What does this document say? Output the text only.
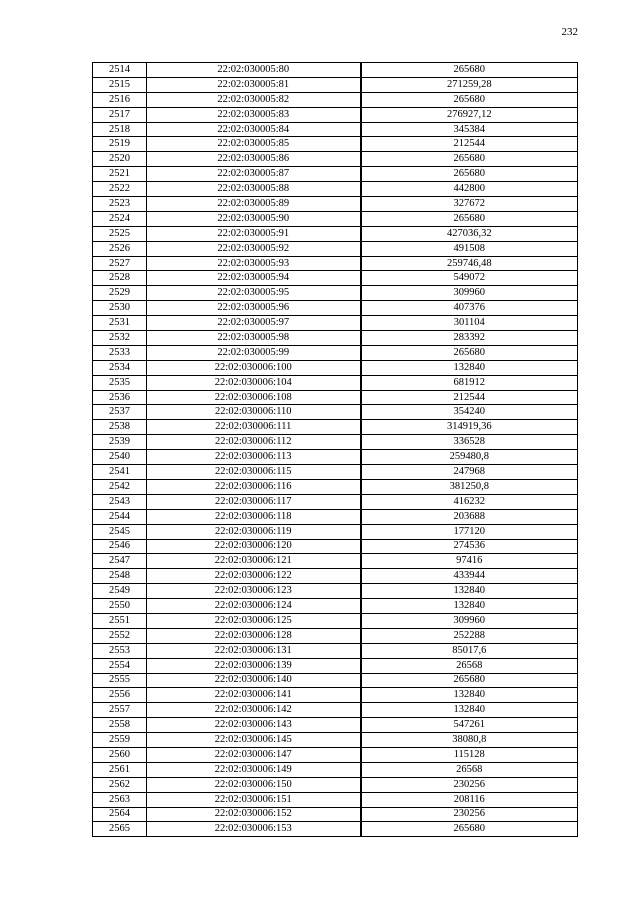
232
2514	22:02:030005:80	265680
2515	22:02:030005:81	271259,28
2516	22:02:030005:82	265680
2517	22:02:030005:83	276927,12
2518	22:02:030005:84	345384
2519	22:02:030005:85	212544
2520	22:02:030005:86	265680
2521	22:02:030005:87	265680
2522	22:02:030005:88	442800
2523	22:02:030005:89	327672
2524	22:02:030005:90	265680
2525	22:02:030005:91	427036,32
2526	22:02:030005:92	491508
2527	22:02:030005:93	259746,48
2528	22:02:030005:94	549072
2529	22:02:030005:95	309960
2530	22:02:030005:96	407376
2531	22:02:030005:97	301104
2532	22:02:030005:98	283392
2533	22:02:030005:99	265680
2534	22:02:030006:100	132840
2535	22:02:030006:104	681912
2536	22:02:030006:108	212544
2537	22:02:030006:110	354240
2538	22:02:030006:111	314919,36
2539	22:02:030006:112	336528
2540	22:02:030006:113	259480,8
2541	22:02:030006:115	247968
2542	22:02:030006:116	381250,8
2543	22:02:030006:117	416232
2544	22:02:030006:118	203688
2545	22:02:030006:119	177120
2546	22:02:030006:120	274536
2547	22:02:030006:121	97416
2548	22:02:030006:122	433944
2549	22:02:030006:123	132840
2550	22:02:030006:124	132840
2551	22:02:030006:125	309960
2552	22:02:030006:128	252288
2553	22:02:030006:131	85017,6
2554	22:02:030006:139	26568
2555	22:02:030006:140	265680
2556	22:02:030006:141	132840
2557	22:02:030006:142	132840
2558	22:02:030006:143	547261
2559	22:02:030006:145	38080,8
2560	22:02:030006:147	115128
2561	22:02:030006:149	26568
2562	22:02:030006:150	230256
2563	22:02:030006:151	208116
2564	22:02:030006:152	230256
2565	22:02:030006:153	265680
